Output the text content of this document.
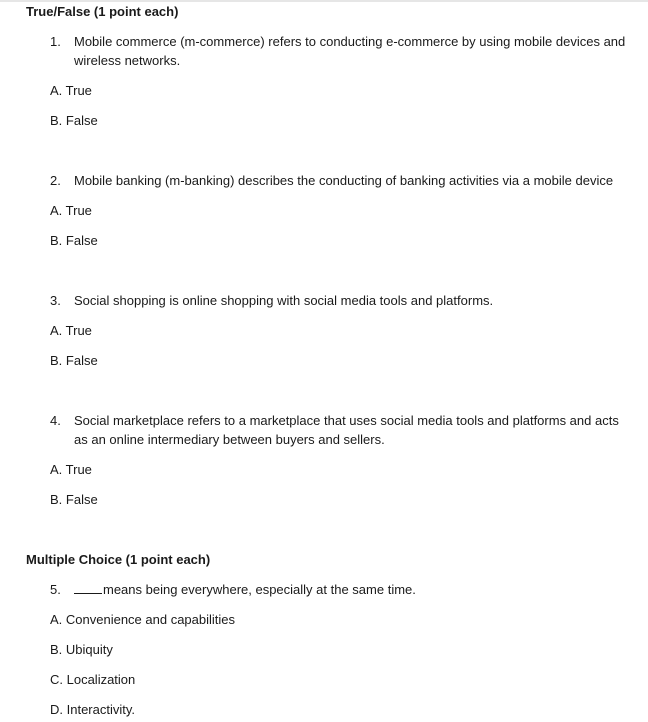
True/False (1 point each)
1. Mobile commerce (m-commerce) refers to conducting e-commerce by using mobile devices and
wireless networks.
A. True
B. False
2. Mobile banking (m-banking) describes the conducting of banking activities via a mobile device
A. True
B. False
3. Social shopping is online shopping with social media tools and platforms.
A. True
B. False
4. Social marketplace refers to a marketplace that uses social media tools and platforms and acts
as an online intermediary between buyers and sellers.
A. True
B. False
Multiple Choice (1 point each)
5.	means being everywhere, especially at the same time.
A. Convenience and capabilities
B. Ubiquity
C. Localization
D. Interactivity.
